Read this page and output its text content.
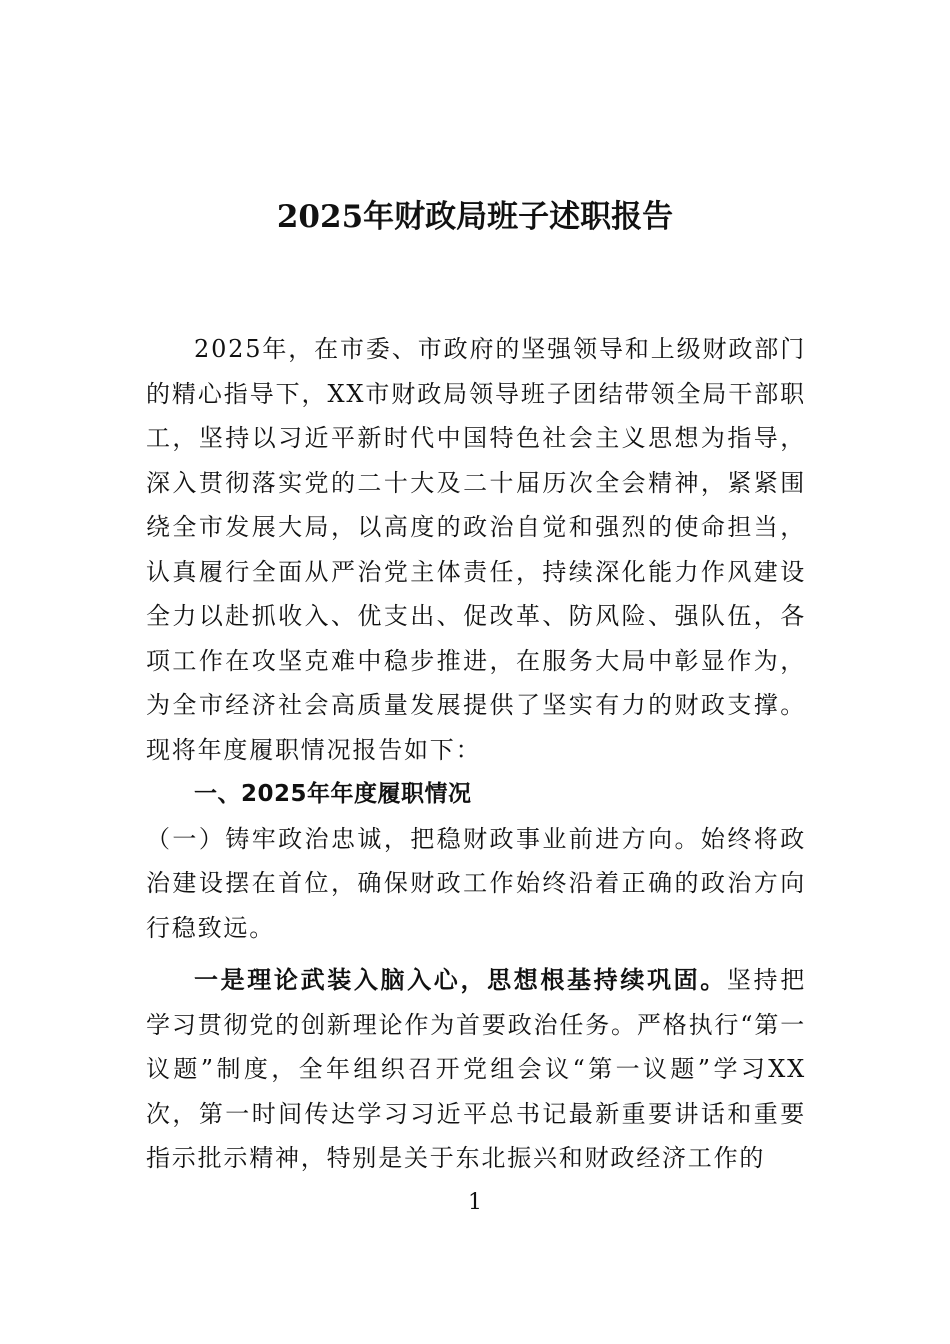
2025年财政局班子述职报告

2025年，在市委、市政府的坚强领导和上级财政部门的精心指导下，XX市财政局领导班子团结带领全局干部职工，坚持以习近平新时代中国特色社会主义思想为指导，深入贯彻落实党的二十大及二十届历次全会精神，紧紧围绕全市发展大局，以高度的政治自觉和强烈的使命担当，认真履行全面从严治党主体责任，持续深化能力作风建设全力以赴抓收入、优支出、促改革、防风险、强队伍，各项工作在攻坚克难中稳步推进，在服务大局中彰显作为，为全市经济社会高质量发展提供了坚实有力的财政支撑。现将年度履职情况报告如下：

一、2025年年度履职情况

（一）铸牢政治忠诚，把稳财政事业前进方向。始终将政治建设摆在首位，确保财政工作始终沿着正确的政治方向行稳致远。

一是理论武装入脑入心，思想根基持续巩固。坚持把学习贯彻党的创新理论作为首要政治任务。严格执行“第一议题”制度，全年组织召开党组会议“第一议题”学习XX次，第一时间传达学习习近平总书记最新重要讲话和重要指示批示精神，特别是关于东北振兴和财政经济工作的

1
